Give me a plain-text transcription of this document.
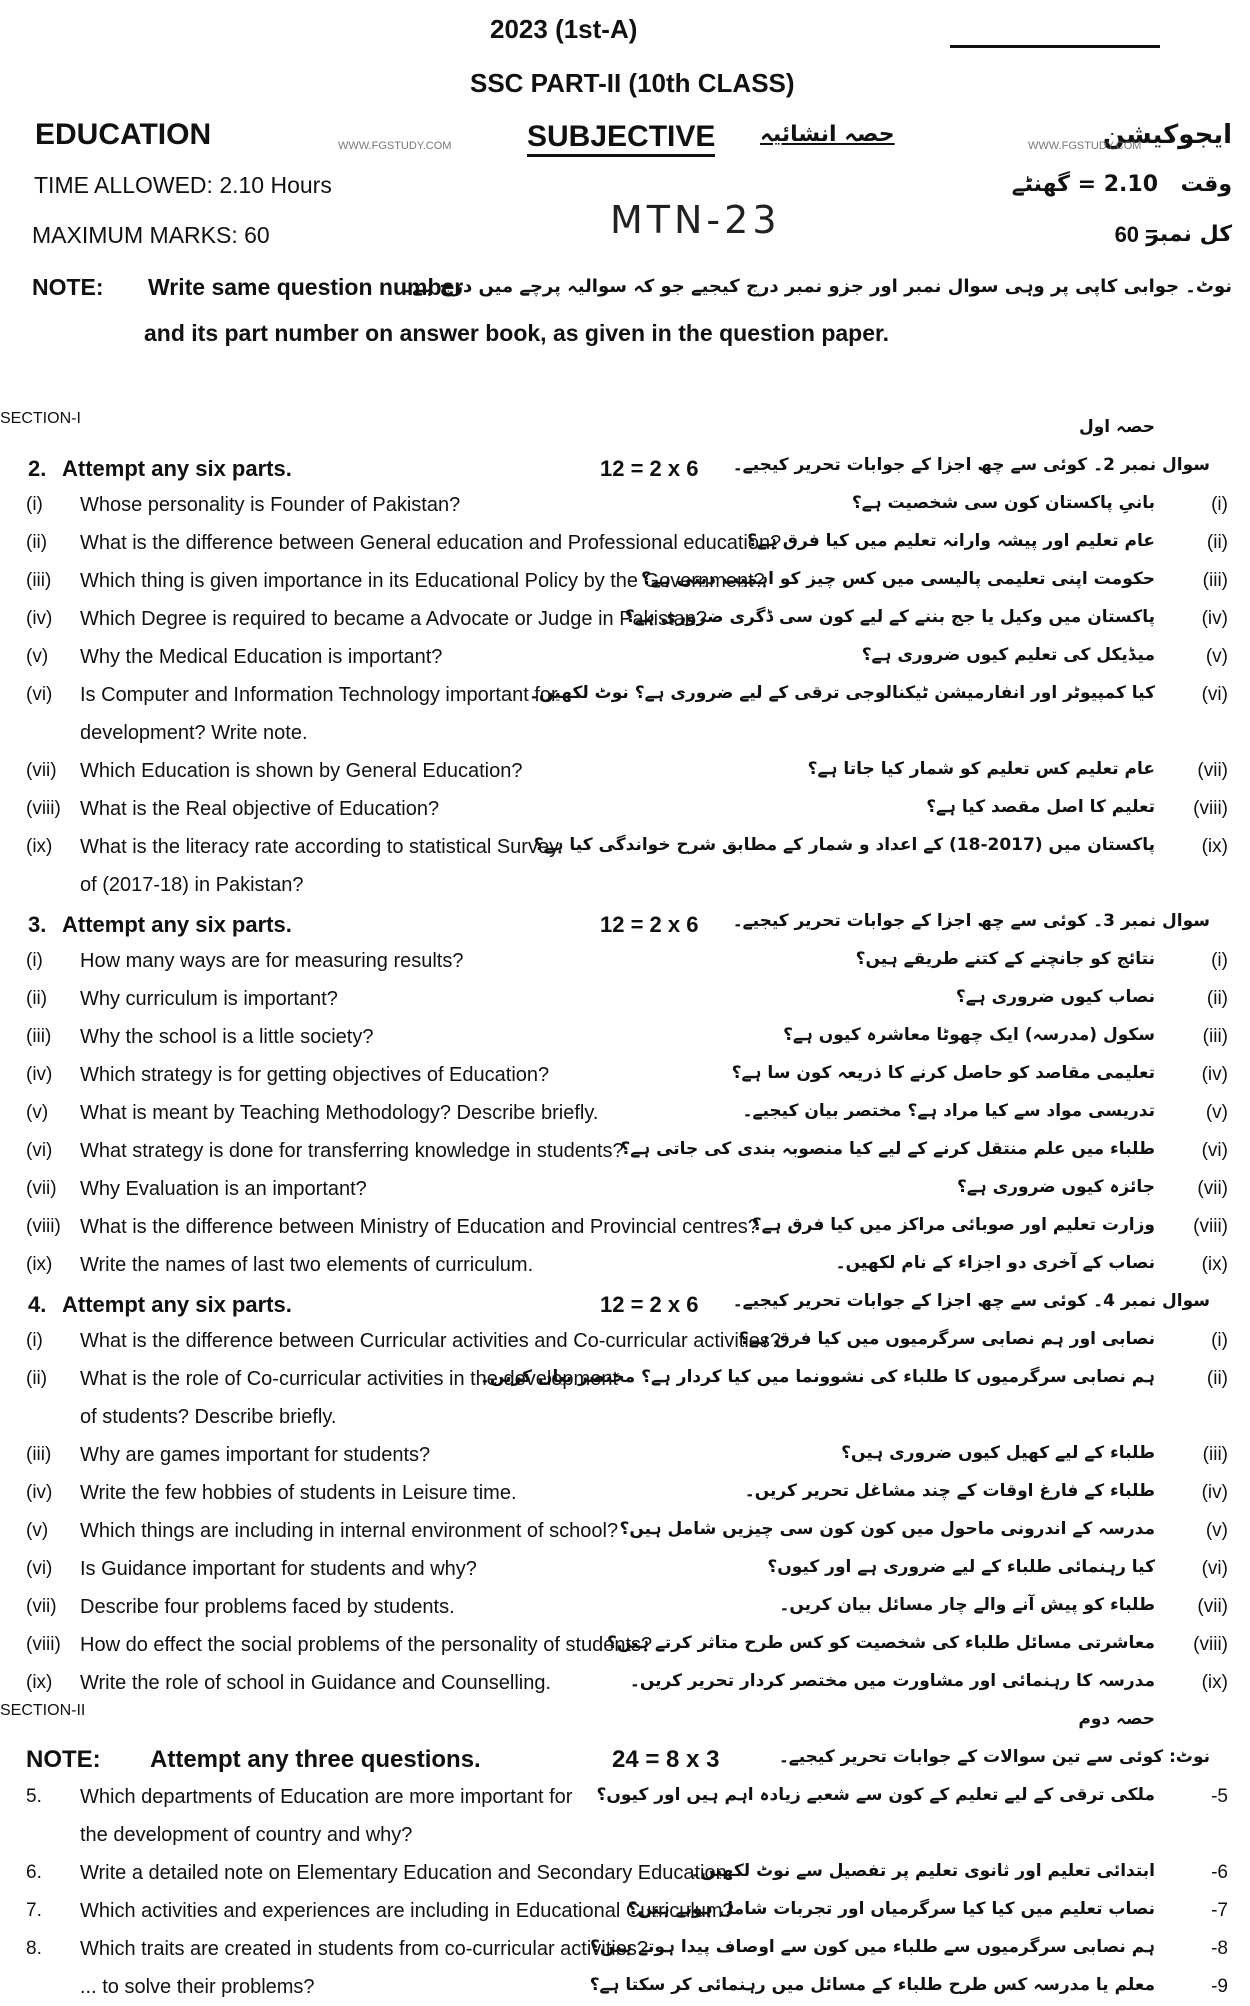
2023 (1st-A)
SSC PART-II (10th CLASS)
EDUCATION	SUBJECTIVE حصہ انشائیہ	ایجوکیشن
WWW.FGSTUDY.COM	WWW.FGSTUDY.COM
TIME ALLOWED: 2.10 Hours	2.10 = گھنٹے وقت
MTN-23
MAXIMUM MARKS: 60	60 =
کل نمبر
NOTE: Write same question number
نوٹ۔ جوابی کاپی پر وہی سوال نمبر اور جزو نمبر درج کیجیے جو کہ سوالیہ پرچے میں درج ہے۔
and its part number on answer book, as given in the question paper.
SECTION-I	حصہ اول
2. Attempt any six parts.	12 = 2 x 6 سوال نمبر 2۔ کوئی سے چھ اجزا کے جوابات تحریر کیجیے۔
(i) Whose personality is Founder of Pakistan?	بانیِ پاکستان کون سی شخصیت ہے؟	(i)
(ii) What is the difference between General education and Professional education?
عام تعلیم اور پیشہ وارانہ تعلیم میں کیا فرق ہے؟	(ii)
(iii) Which thing is given importance in its Educational Policy by the Government?
حکومت اپنی تعلیمی پالیسی میں کس چیز کو اہمیت دیتی ہے؟	(iii)
(iv) Which Degree is required to became a Advocate or Judge in Pakistan?
پاکستان میں وکیل یا جج بننے کے لیے کون سی ڈگری ضروری ہے؟ (iv)
(v) Why the Medical Education is important?	میڈیکل کی تعلیم کیوں ضروری ہے؟	(v)
(vi) Is Computer and Information Technology important for
کیا کمپیوٹر اور انفارمیشن ٹیکنالوجی ترقی کے لیے ضروری ہے؟ نوٹ لکھیں۔ (vi)
development? Write note.
(vii) Which Education is shown by General Education?	عام تعلیم کس تعلیم کو شمار کیا جاتا ہے؟ (vii)
(viii) What is the Real objective of Education?	تعلیم کا اصل مقصد کیا ہے؟ (viii)
(ix) What is the literacy rate according to statistical Survey
پاکستان میں (2017-18) کے اعداد و شمار کے مطابق شرح خواندگی کیا ہے؟ (ix)
of (2017-18) in Pakistan?
3. Attempt any six parts.	12 = 2 x 6 سوال نمبر 3۔ کوئی سے چھ اجزا کے جوابات تحریر کیجیے۔
(i) How many ways are for measuring results?	نتائج کو جانچنے کے کتنے طریقے ہیں؟	(i)
(ii) Why curriculum is important?	نصاب کیوں ضروری ہے؟	(ii)
(iii) Why the school is a little society?	سکول (مدرسہ) ایک چھوٹا معاشرہ کیوں ہے؟	(iii)
(iv) Which strategy is for getting objectives of Education?	تعلیمی مقاصد کو حاصل کرنے کا ذریعہ کون سا ہے؟ (iv)
(v) What is meant by Teaching Methodology? Describe briefly.	تدریسی مواد سے کیا مراد ہے؟ مختصر بیان کیجیے۔	(v)
(vi) What strategy is done for transferring knowledge in students?
طلباء میں علم منتقل کرنے کے لیے کیا منصوبہ بندی کی جاتی ہے؟ (vi)
(vii) Why Evaluation is an important?	جائزہ کیوں ضروری ہے؟ (vii)
(viii) What is the difference between Ministry of Education and Provincial centres?
وزارت تعلیم اور صوبائی مراکز میں کیا فرق ہے؟ (viii)
(ix) Write the names of last two elements of curriculum.	نصاب کے آخری دو اجزاء کے نام لکھیں۔ (ix)
4. Attempt any six parts.	12 = 2 x 6 سوال نمبر 4۔ کوئی سے چھ اجزا کے جوابات تحریر کیجیے۔
(i) What is the difference between Curricular activities and Co-curricular activities?
نصابی اور ہم نصابی سرگرمیوں میں کیا فرق ہے؟	(i)
(ii) What is the role of Co-curricular activities in the development
ہم نصابی سرگرمیوں کا طلباء کی نشوونما میں کیا کردار ہے؟ مختصر بیان کریں۔	(ii)
of students? Describe briefly.
(iii) Why are games important for students?	طلباء کے لیے کھیل کیوں ضروری ہیں؟	(iii)
(iv) Write the few hobbies of students in Leisure time.	طلباء کے فارغ اوقات کے چند مشاغل تحریر کریں۔ (iv)
(v) Which things are including in internal environment of school? مدرسہ کے اندرونی ماحول میں کون کون سی چیزیں شامل ہیں؟	(v)
(vi) Is Guidance important for students and why?	کیا رہنمائی طلباء کے لیے ضروری ہے اور کیوں؟ (vi)
(vii) Describe four problems faced by students.	طلباء کو پیش آنے والے چار مسائل بیان کریں۔ (vii)
(viii) How do effect the social problems of the personality of students?
معاشرتی مسائل طلباء کی شخصیت کو کس طرح متاثر کرتے ہیں؟ (viii)
(ix) Write the role of school in Guidance and Counselling.	مدرسہ کا رہنمائی اور مشاورت میں مختصر کردار تحریر کریں۔ (ix)
SECTION-II	حصہ دوم
NOTE: Attempt any three questions.	24 = 8 x 3	نوٹ: کوئی سے تین سوالات کے جوابات تحریر کیجیے۔
5. Which departments of Education are more important for ملکی ترقی کے لیے تعلیم کے کون سے شعبے زیادہ اہم ہیں اور کیوں؟	-5
the development of country and why?
6. Write a detailed note on Elementary Education and Secondary Education.
ابتدائی تعلیم اور ثانوی تعلیم پر تفصیل سے نوٹ لکھیں۔	-6
7. Which activities and experiences are including in Educational Curriculum?
نصاب تعلیم میں کیا کیا سرگرمیاں اور تجربات شامل ہوتے ہیں؟	-7
8. Which traits are created in students from co-curricular activities?
ہم نصابی سرگرمیوں سے طلباء میں کون سے اوصاف پیدا ہوتے ہیں؟	-8
... to solve their problems?	معلم یا مدرسہ کس طرح طلباء کے مسائل میں رہنمائی کر سکتا ہے؟	-9
